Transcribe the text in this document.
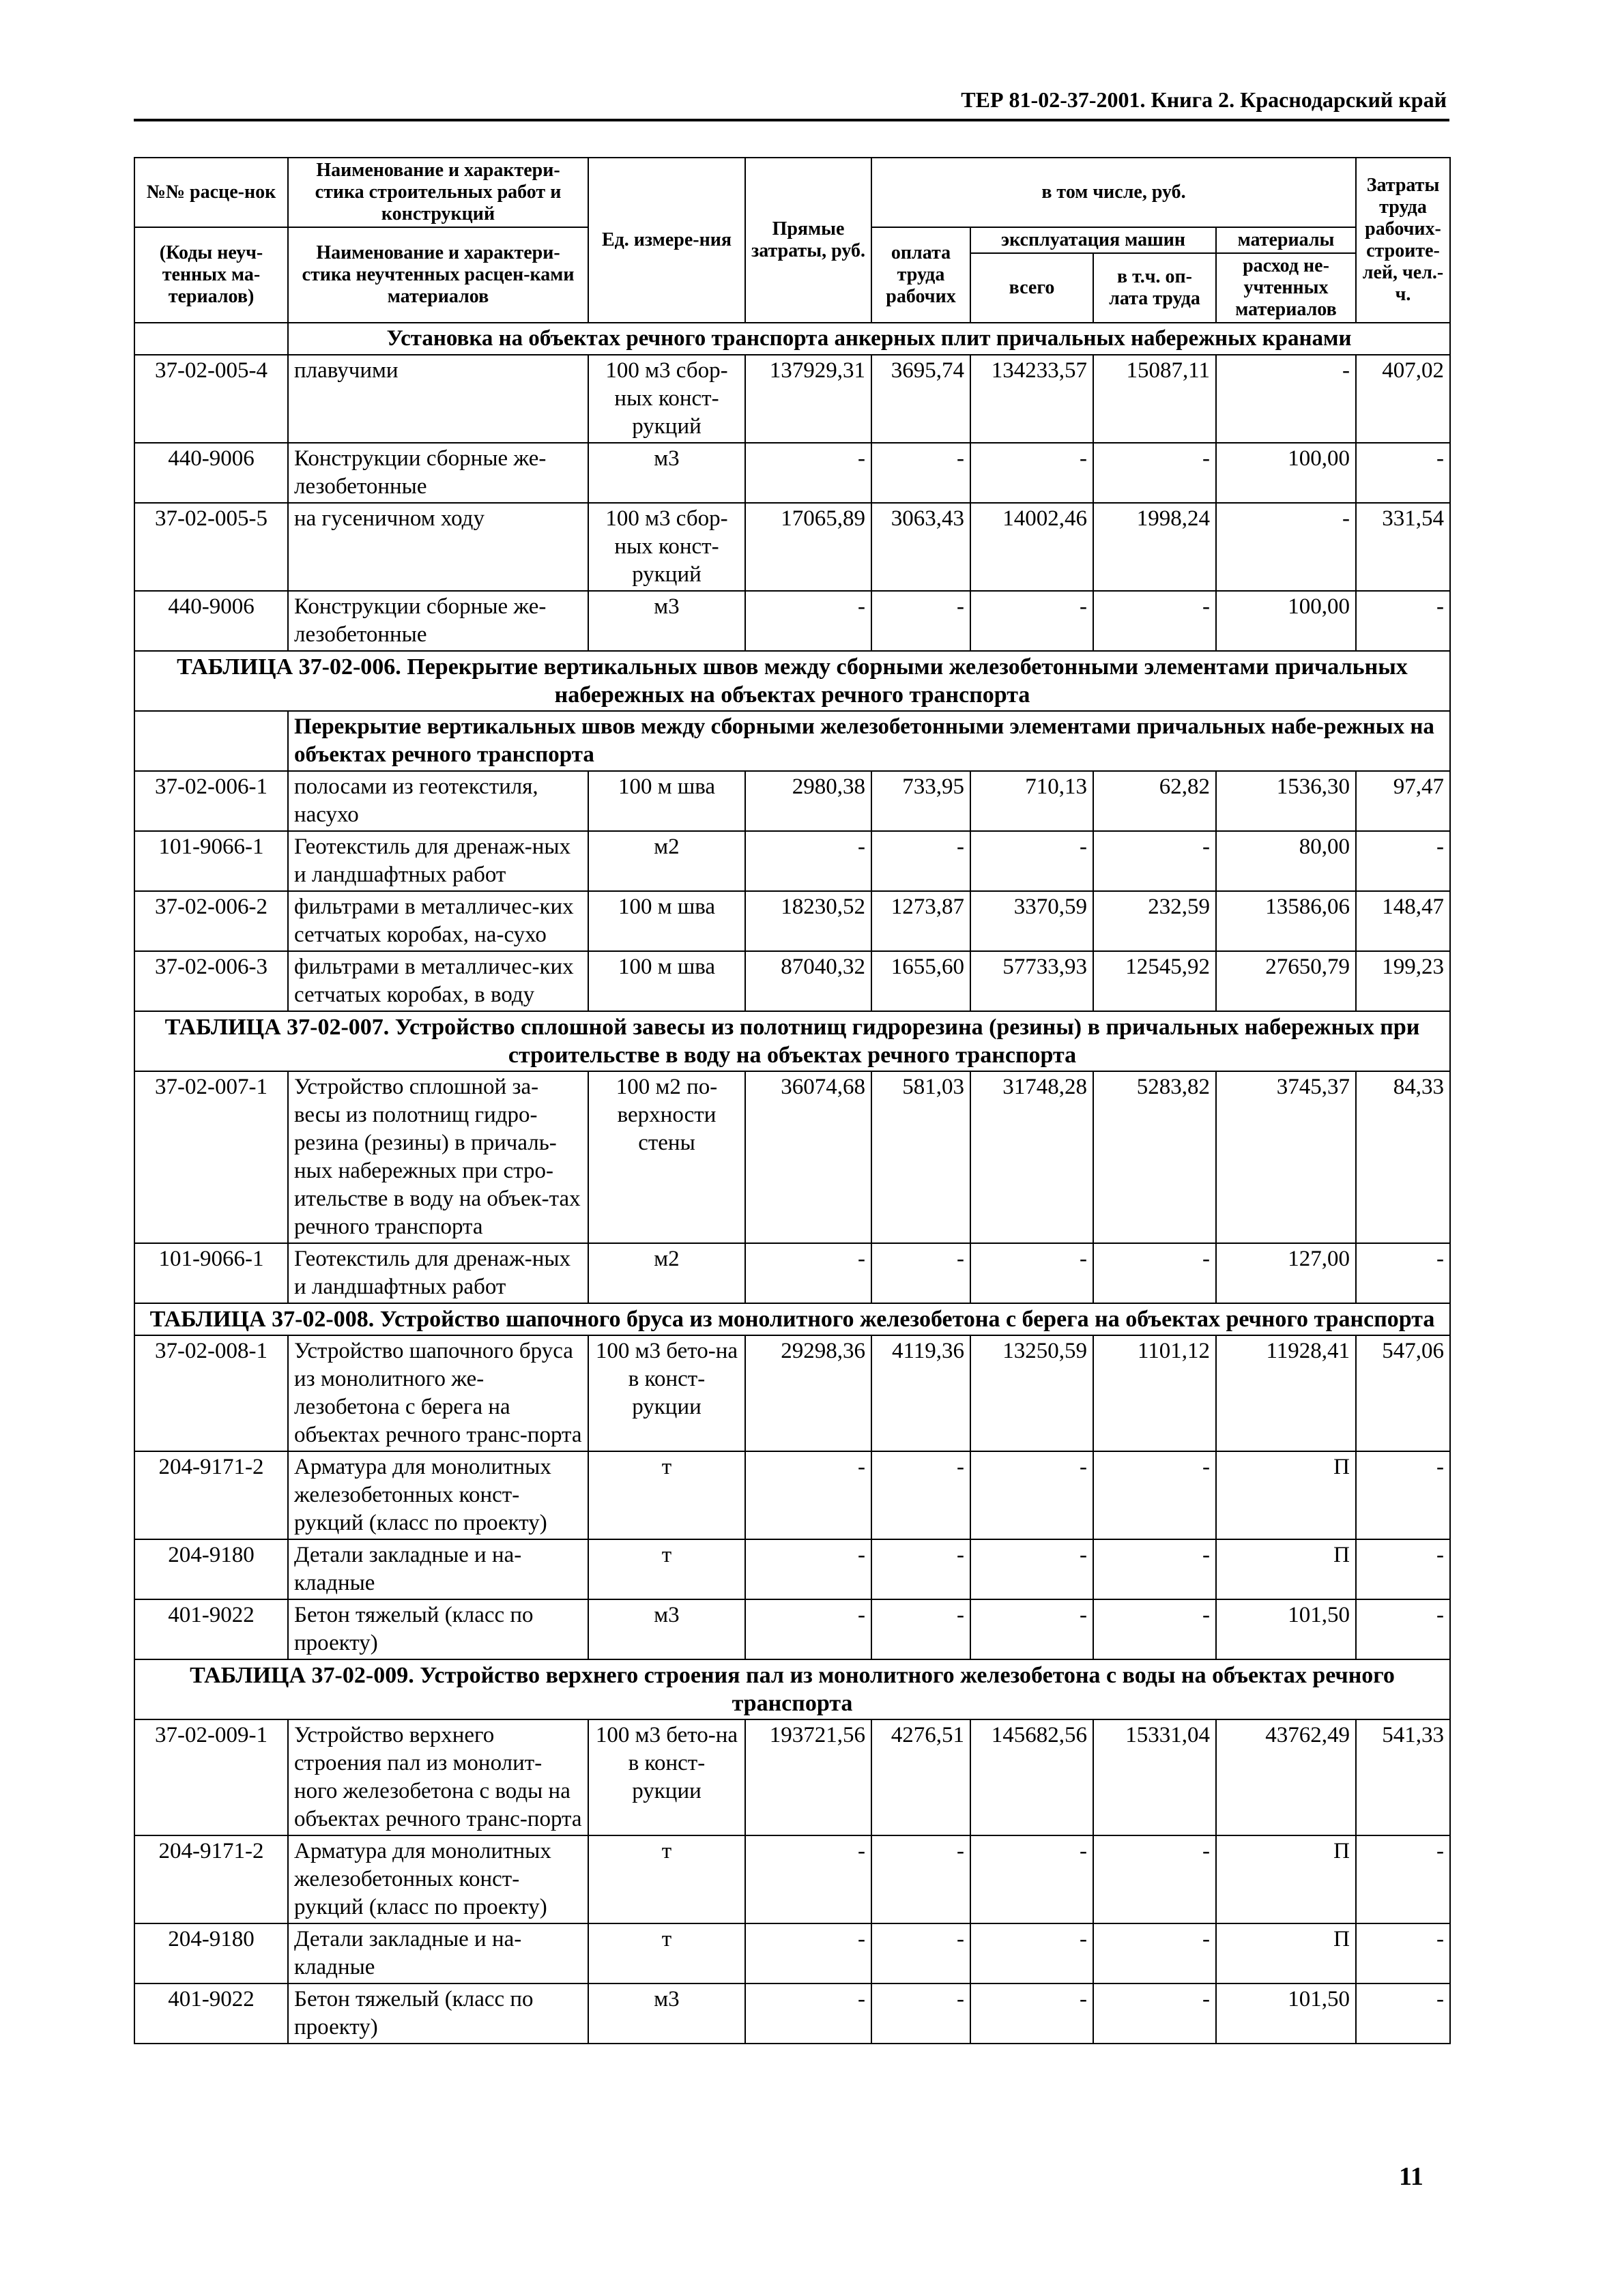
ТЕР 81-02-37-2001. Книга 2. Краснодарский край
№№ расце-нок	Наименование и характери-стика строительных работ и конструкций	Ед. измере-ния	Прямые затраты, руб.	в том числе, руб.				Затраты труда рабочих-строите-лей, чел.-ч.
(Коды неуч-тенных ма-териалов)	Наименование и характери-стика неучтенных расцен-ками материалов			оплата труда рабочих	эксплуатация машин		материалы	
					всего	в т.ч. оп-лата труда	расход не-учтенных материалов	
	Установка на объектах речного транспорта анкерных плит причальных набережных кранами							
37-02-005-4	плавучими	100 м3 сбор-ных конст-рукций	137929,31	3695,74	134233,57	15087,11	-	407,02
440-9006	Конструкции сборные же-лезобетонные	м3	-	-	-	-	100,00	-
37-02-005-5	на гусеничном ходу	100 м3 сбор-ных конст-рукций	17065,89	3063,43	14002,46	1998,24	-	331,54
440-9006	Конструкции сборные же-лезобетонные	м3	-	-	-	-	100,00	-
ТАБЛИЦА 37-02-006. Перекрытие вертикальных швов между сборными железобетонными элементами причальных набережных на объектах речного транспорта								
	Перекрытие вертикальных швов между сборными железобетонными элементами причальных набе-режных на объектах речного транспорта							
37-02-006-1	полосами из геотекстиля, насухо	100 м шва	2980,38	733,95	710,13	62,82	1536,30	97,47
101-9066-1	Геотекстиль для дренаж-ных и ландшафтных работ	м2	-	-	-	-	80,00	-
37-02-006-2	фильтрами в металличес-ких сетчатых коробах, на-сухо	100 м шва	18230,52	1273,87	3370,59	232,59	13586,06	148,47
37-02-006-3	фильтрами в металличес-ких сетчатых коробах, в воду	100 м шва	87040,32	1655,60	57733,93	12545,92	27650,79	199,23
ТАБЛИЦА 37-02-007. Устройство сплошной завесы из полотнищ гидрорезина (резины) в причальных набережных при строительстве в воду на объектах речного транспорта								
37-02-007-1	Устройство сплошной за-весы из полотнищ гидро-резина (резины) в причаль-ных набережных при стро-ительстве в воду на объек-тах речного транспорта	100 м2 по-верхности стены	36074,68	581,03	31748,28	5283,82	3745,37	84,33
101-9066-1	Геотекстиль для дренаж-ных и ландшафтных работ	м2	-	-	-	-	127,00	-
ТАБЛИЦА 37-02-008. Устройство шапочного бруса из монолитного железобетона с берега на объектах речного транспорта								
37-02-008-1	Устройство шапочного бруса из монолитного же-лезобетона с берега на объектах речного транс-порта	100 м3 бето-на в конст-рукции	29298,36	4119,36	13250,59	1101,12	11928,41	547,06
204-9171-2	Арматура для монолитных железобетонных конст-рукций (класс по проекту)	т	-	-	-	-	П	-
204-9180	Детали закладные и на-кладные	т	-	-	-	-	П	-
401-9022	Бетон тяжелый (класс по проекту)	м3	-	-	-	-	101,50	-
ТАБЛИЦА 37-02-009. Устройство верхнего строения пал из монолитного железобетона с воды на объектах речного транспорта								
37-02-009-1	Устройство верхнего строения пал из монолит-ного железобетона с воды на объектах речного транс-порта	100 м3 бето-на в конст-рукции	193721,56	4276,51	145682,56	15331,04	43762,49	541,33
204-9171-2	Арматура для монолитных железобетонных конст-рукций (класс по проекту)	т	-	-	-	-	П	-
204-9180	Детали закладные и на-кладные	т	-	-	-	-	П	-
401-9022	Бетон тяжелый (класс по проекту)	м3	-	-	-	-	101,50	-
11
